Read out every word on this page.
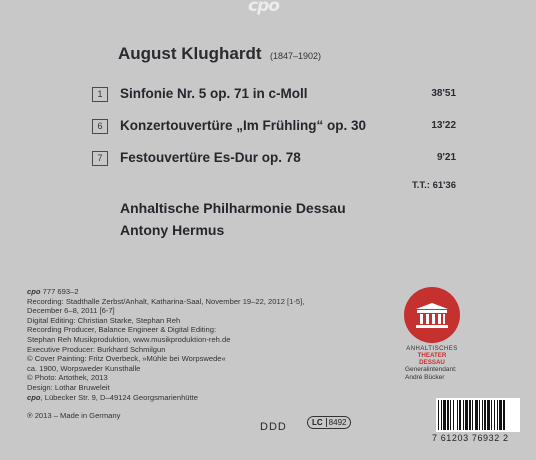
cpo
August Klughardt (1847–1902)
1	Sinfonie Nr. 5 op. 71 in c-Moll	38'51
6	Konzertouvertüre „Im Frühling“ op. 30	13'22
7	Festouvertüre Es-Dur op. 78	9'21
T.T.: 61'36
Anhaltische Philharmonie Dessau
Antony Hermus
cpo 777 693–2
Recording: Stadthalle Zerbst/Anhalt, Katharina-Saal, November 19–22, 2012 [1-5],
December 6–8, 2011 [6-7]
Digital Editing: Christian Starke, Stephan Reh
Recording Producer, Balance Engineer & Digital Editing:
Stephan Reh Musikproduktion, www.musikproduktion-reh.de
Executive Producer: Burkhard Schmilgun
© Cover Painting: Fritz Overbeck, »Mühle bei Worpswede«
ca. 1900, Worpsweder Kunsthalle
© Photo: Artothek, 2013
Design: Lothar Bruweleit
cpo, Lübecker Str. 9, D–49124 Georgsmarienhütte
℗ 2013 – Made in Germany
DDD	LC 8492
ANHALTISCHES
THEATER DESSAU
Generalintendant:
André Bücker
7 61203 76932 2
